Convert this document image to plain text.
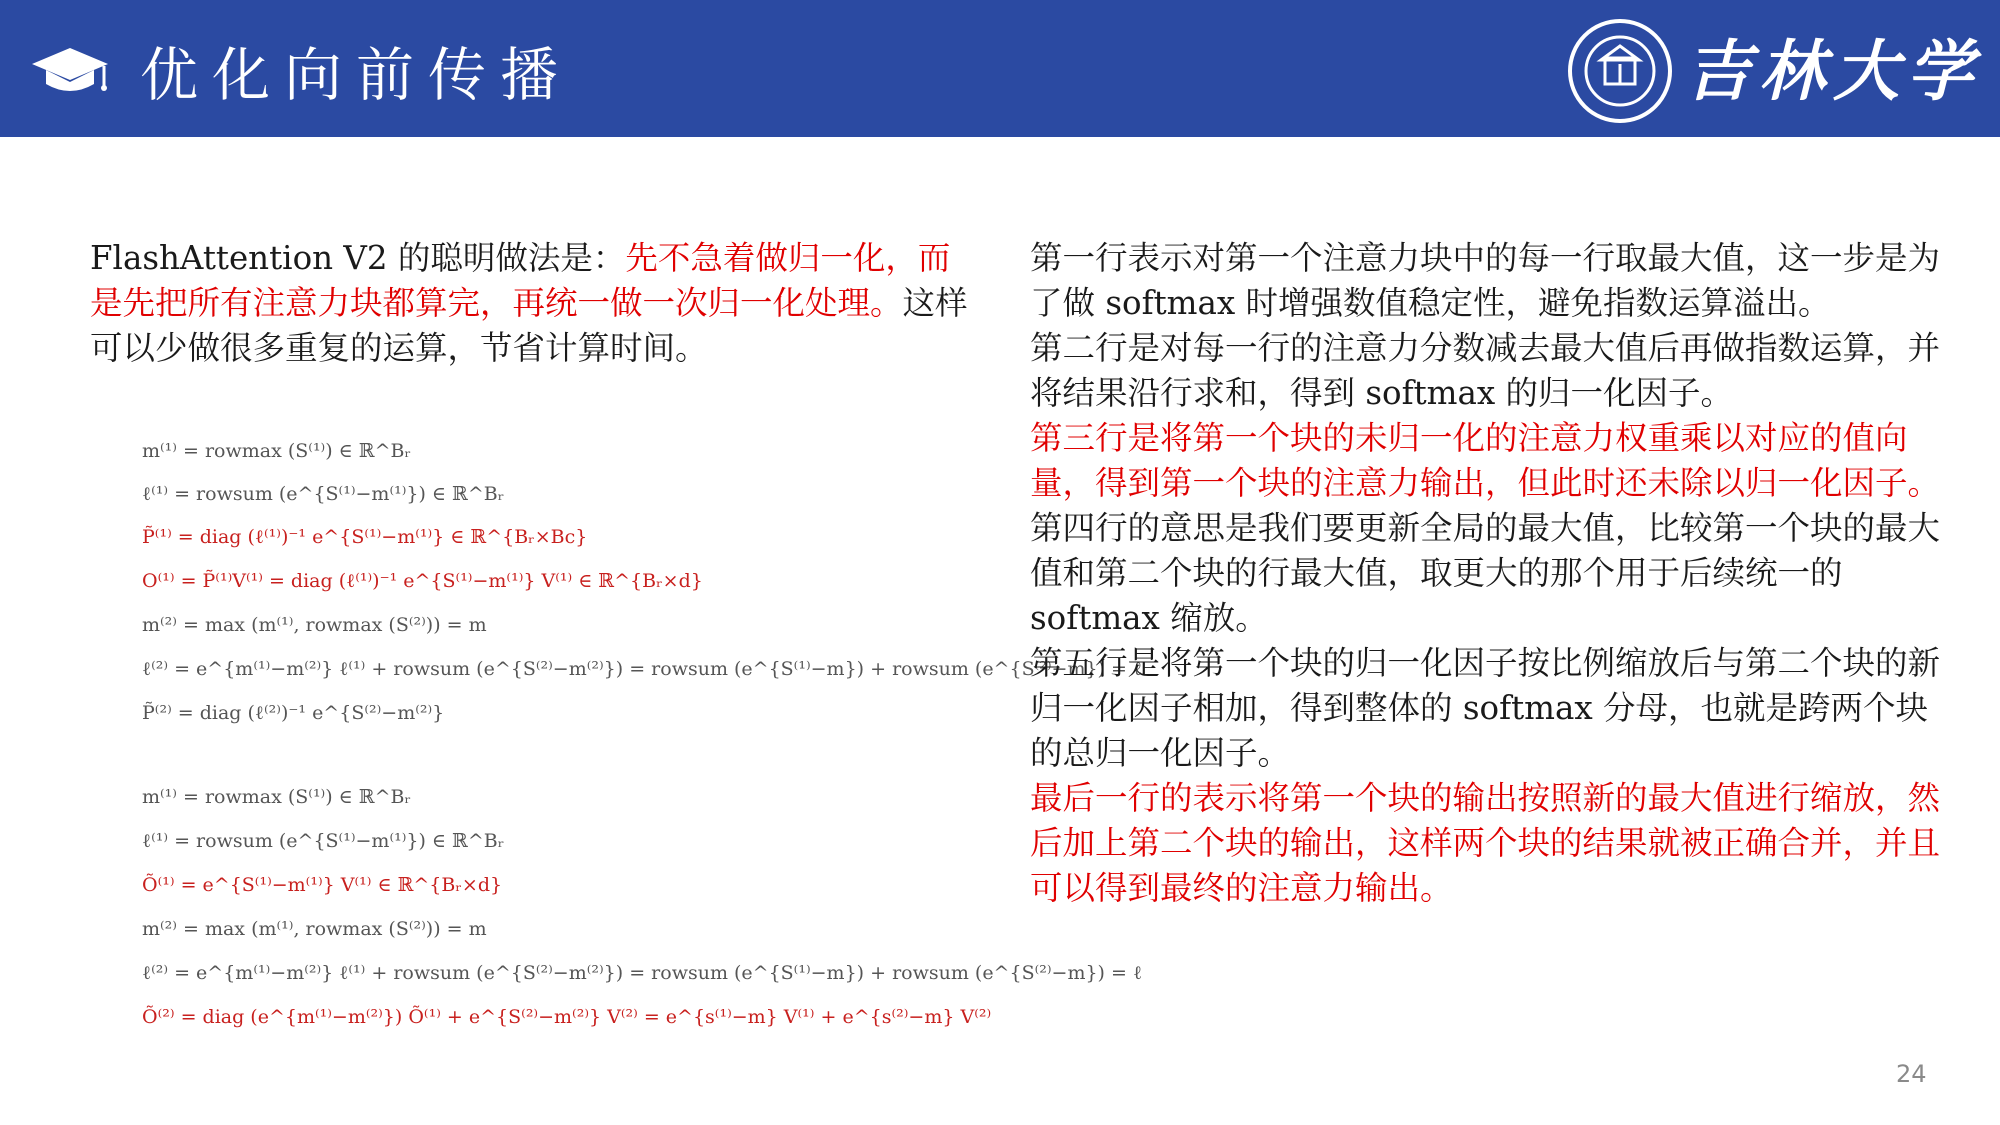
优化向前传播	吉林大学
FlashAttention V2 的聪明做法是：先不急着做归一化，而是先把所有注意力块都算完，再统一做一次归一化处理。这样可以少做很多重复的运算，节省计算时间。
m⁽¹⁾ = rowmax (S⁽¹⁾) ∈ ℝ^Bᵣ
ℓ⁽¹⁾ = rowsum (e^{S⁽¹⁾−m⁽¹⁾}) ∈ ℝ^Bᵣ
P̃⁽¹⁾ = diag (ℓ⁽¹⁾)⁻¹ e^{S⁽¹⁾−m⁽¹⁾} ∈ ℝ^{Bᵣ×Bc}
O⁽¹⁾ = P̃⁽¹⁾V⁽¹⁾ = diag (ℓ⁽¹⁾)⁻¹ e^{S⁽¹⁾−m⁽¹⁾} V⁽¹⁾ ∈ ℝ^{Bᵣ×d}
m⁽²⁾ = max (m⁽¹⁾, rowmax (S⁽²⁾)) = m
ℓ⁽²⁾ = e^{m⁽¹⁾−m⁽²⁾} ℓ⁽¹⁾ + rowsum (e^{S⁽²⁾−m⁽²⁾}) = rowsum (e^{S⁽¹⁾−m}) + rowsum (e^{S⁽²⁾−m}) = ℓ
P̃⁽²⁾ = diag (ℓ⁽²⁾)⁻¹ e^{S⁽²⁾−m⁽²⁾}
m⁽¹⁾ = rowmax (S⁽¹⁾) ∈ ℝ^Bᵣ
ℓ⁽¹⁾ = rowsum (e^{S⁽¹⁾−m⁽¹⁾}) ∈ ℝ^Bᵣ
Õ⁽¹⁾ = e^{S⁽¹⁾−m⁽¹⁾} V⁽¹⁾ ∈ ℝ^{Bᵣ×d}
m⁽²⁾ = max (m⁽¹⁾, rowmax (S⁽²⁾)) = m
ℓ⁽²⁾ = e^{m⁽¹⁾−m⁽²⁾} ℓ⁽¹⁾ + rowsum (e^{S⁽²⁾−m⁽²⁾}) = rowsum (e^{S⁽¹⁾−m}) + rowsum (e^{S⁽²⁾−m}) = ℓ
Õ⁽²⁾ = diag (e^{m⁽¹⁾−m⁽²⁾}) Õ⁽¹⁾ + e^{S⁽²⁾−m⁽²⁾} V⁽²⁾ = e^{s⁽¹⁾−m} V⁽¹⁾ + e^{s⁽²⁾−m} V⁽²⁾

第一行表示对第一个注意力块中的每一行取最大值，这一步是为了做 softmax 时增强数值稳定性，避免指数运算溢出。

第二行是对每一行的注意力分数减去最大值后再做指数运算，并将结果沿行求和，得到 softmax 的归一化因子。

第三行是将第一个块的未归一化的注意力权重乘以对应的值向量，得到第一个块的注意力输出，但此时还未除以归一化因子。

第四行的意思是我们要更新全局的最大值，比较第一个块的最大值和第二个块的行最大值，取更大的那个用于后续统一的 softmax 缩放。

第五行是将第一个块的归一化因子按比例缩放后与第二个块的新归一化因子相加，得到整体的 softmax 分母，也就是跨两个块的总归一化因子。

最后一行的表示将第一个块的输出按照新的最大值进行缩放，然后加上第二个块的输出，这样两个块的结果就被正确合并，并且可以得到最终的注意力输出。

24
